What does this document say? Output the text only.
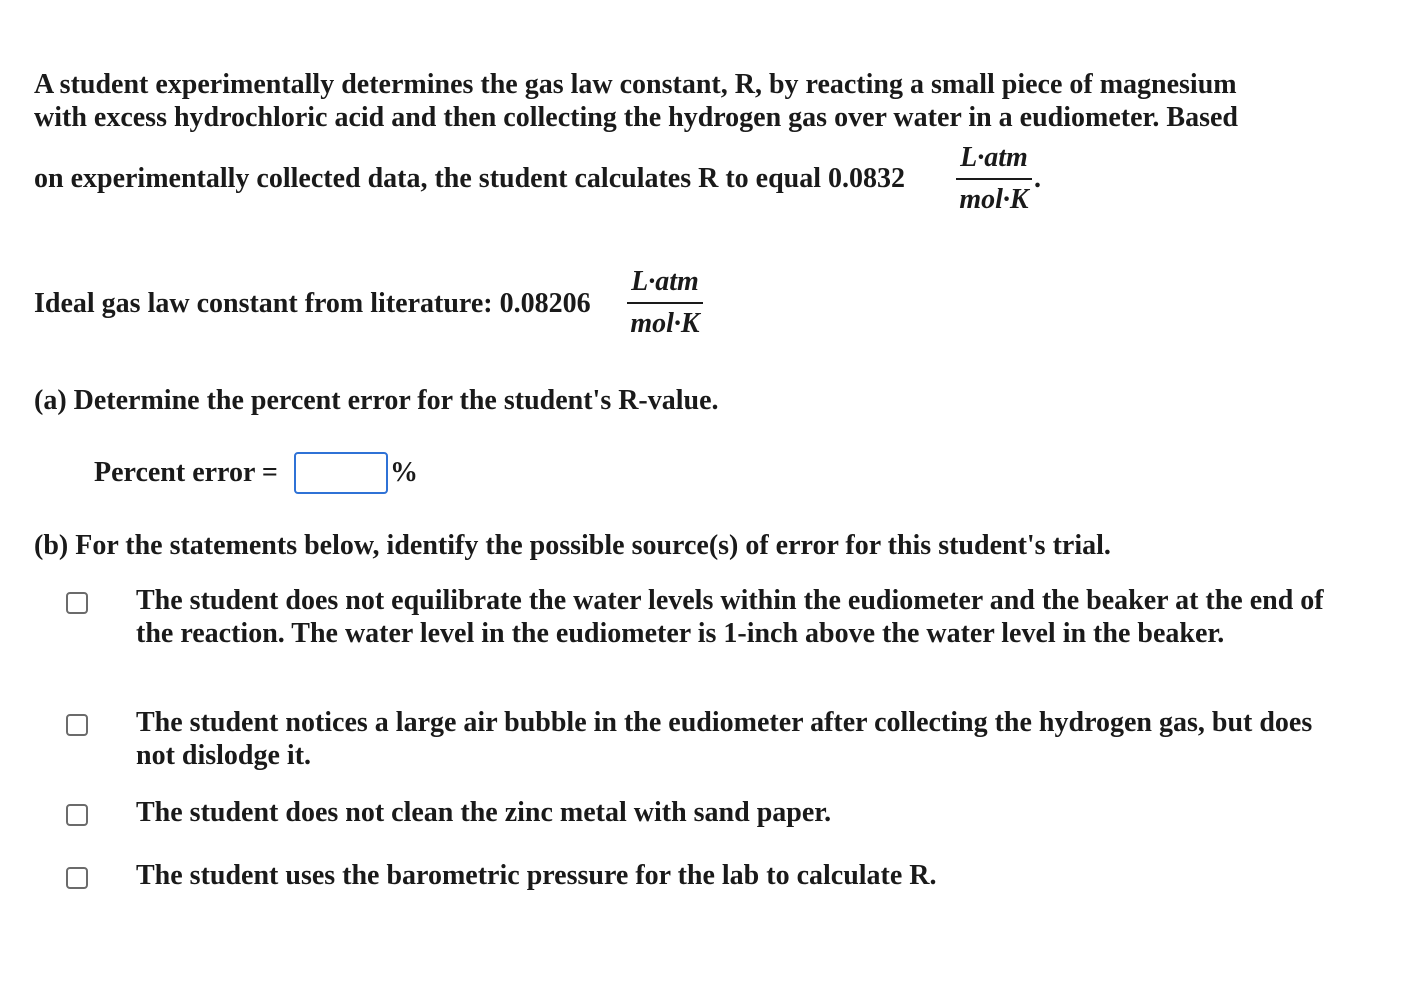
A student experimentally determines the gas law constant, R, by reacting a small piece of magnesium
with excess hydrochloric acid and then collecting the hydrogen gas over water in a eudiometer. Based
on experimentally collected data, the student calculates R to equal 0.0832
L·atm
mol·K
.
Ideal gas law constant from literature: 0.08206
L·atm
mol·K
(a) Determine the percent error for the student's R-value.
Percent error =	%
(b) For the statements below, identify the possible source(s) of error for this student's trial.
The student does not equilibrate the water levels within the eudiometer and the beaker at the end of the reaction. The water level in the eudiometer is 1-inch above the water level in the beaker.
The student notices a large air bubble in the eudiometer after collecting the hydrogen gas, but does not dislodge it.
The student does not clean the zinc metal with sand paper.
The student uses the barometric pressure for the lab to calculate R.
